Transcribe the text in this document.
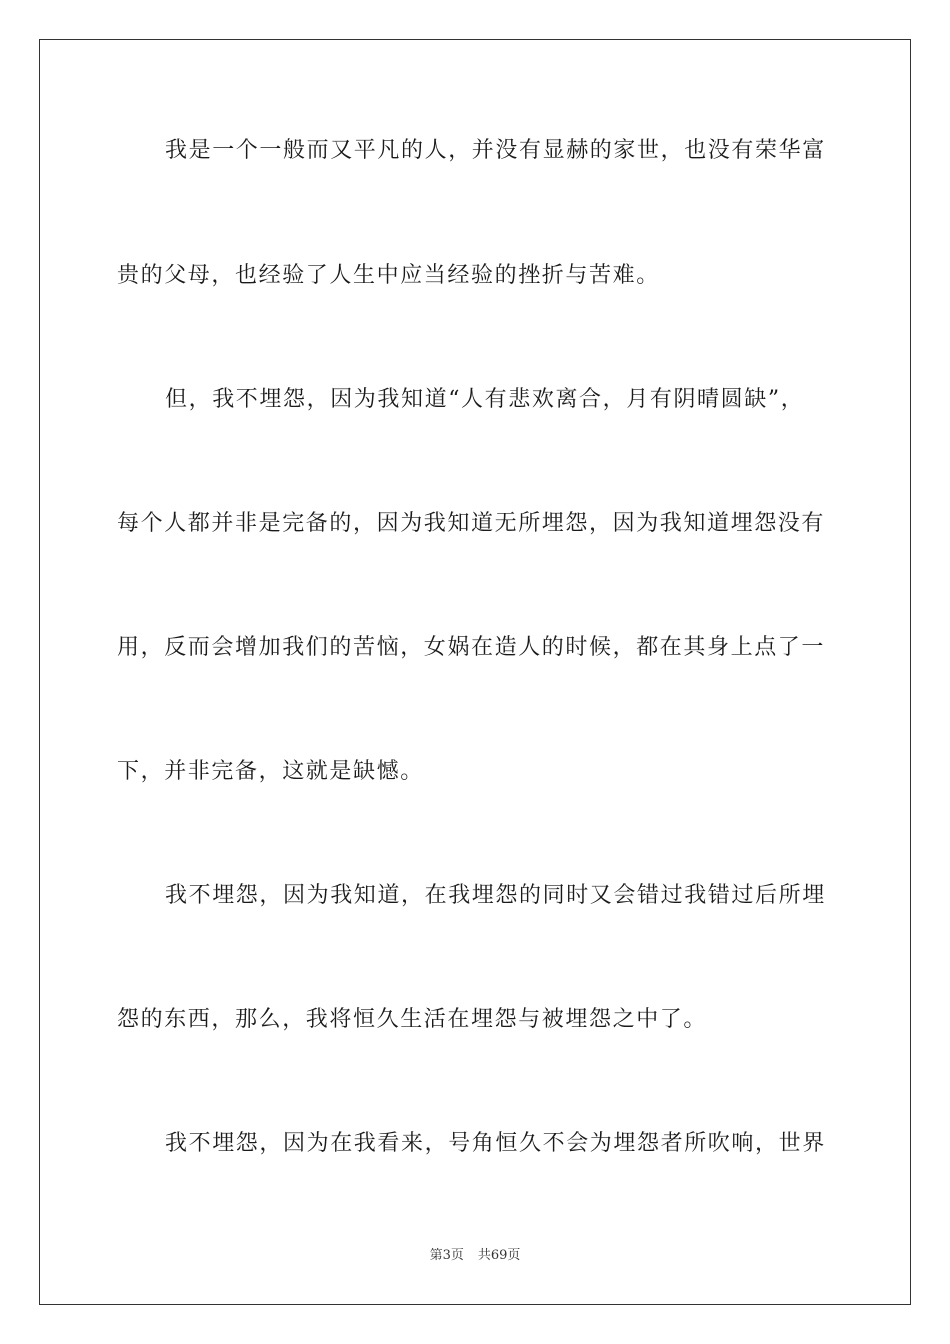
我是一个一般而又平凡的人，并没有显赫的家世，也没有荣华富
贵的父母，也经验了人生中应当经验的挫折与苦难。
但，我不埋怨，因为我知道“人有悲欢离合，月有阴晴圆缺”，
每个人都并非是完备的，因为我知道无所埋怨，因为我知道埋怨没有
用，反而会增加我们的苦恼，女娲在造人的时候，都在其身上点了一
下，并非完备，这就是缺憾。
我不埋怨，因为我知道，在我埋怨的同时又会错过我错过后所埋
怨的东西，那么，我将恒久生活在埋怨与被埋怨之中了。
我不埋怨，因为在我看来，号角恒久不会为埋怨者所吹响，世界
第3页 共69页
